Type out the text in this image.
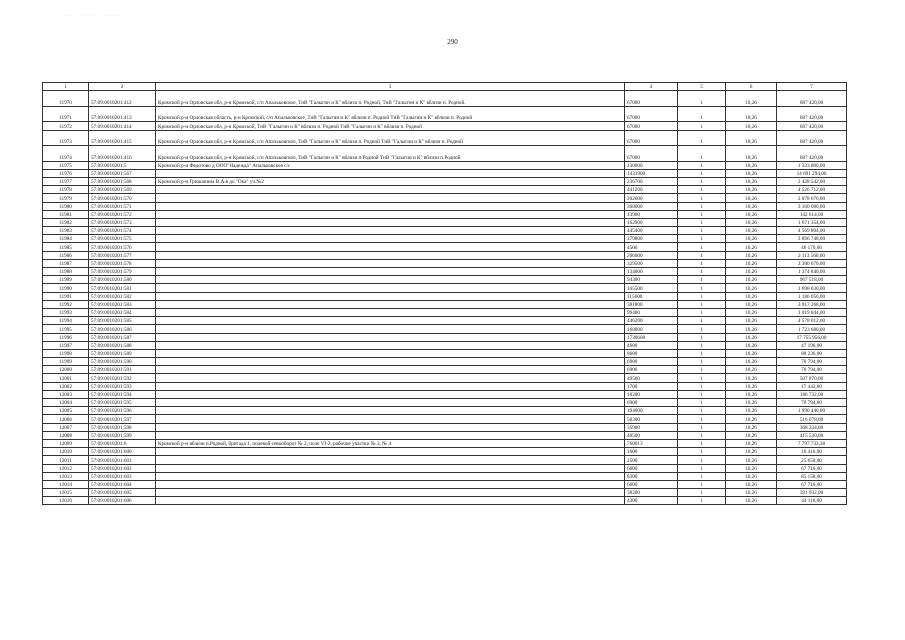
· · · · · · · · · · · · ·
290
1	2	3	4	5	6	7
11970	57:09:0010201:412	Кромской р-н Орловская обл, р-н Кромской, с/п Апальковское, ТнВ "Галыгин и К" вблизи п. Родной, ТнВ "Галыгин и К" вблизи п. Родной.	67000	1	10,26	687 420,00
11971	57:09:0010201:413	Кромской р-н Орловская область, р-н Кромской, с/п Апальковское, ТнВ "Галыгин и К" вблизи п. Родной ТнВ "Галыгин и К" вблизи п. Родной	67000	1	10,26	687 420,00
11972	57:09:0010201:414	Кромской р-н Орловская обл, р-н Кромской, ТнВ "Галыгин и К" вблизи п. Родной ТнВ "Галыгин и К" вблизи п. Родной	67000	1	10,26	687 420,00
11973	57:09:0010201:415	Кромской р-н Орловская обл, р-н Кромской, с/п Апальковское, ТнВ "Галыгин и К" вблизи п. Родной ТнВ "Галыгин и К" вблизи п. Родной	67000	1	10,26	687 420,00
11974	57:09:0010201:416	Кромской р-н Орловская обл, р-н Кромской, с/п Апальковское, ТнВ "Галыгин и К" вблизи п.Родной ТнВ "Галыгин и К" вблизи п.Родной	67000	1	10,26	687 420,00
11975	57:09:0010201:5	Кромской р-н Федотово д ООО"Надежда" Апальковское с/с	130000	1	10,26	1 333 800,00
11976	57:09:0010201:567		1431900	1	10,26	14 691 294,00
11977	57:09:0010201:568	Кромской р-н Гришанина В.А.в до "Ока" уч.№2	236700	1	10,26	2 428 542,00
11978	57:09:0010201:569		441200	1	10,26	4 526 712,00
11979	57:09:0010201:570		202600	1	10,26	2 078 676,00
11980	57:09:0010201:571		308000	1	10,26	3 160 080,00
11981	57:09:0010201:572		13900	1	10,26	142 614,00
11982	57:09:0010201:573		162900	1	10,26	1 671 354,00
11983	57:09:0010201:574		445400	1	10,26	4 569 804,00
11984	57:09:0010201:575		379800	1	10,26	3 896 748,00
11985	57:09:0010201:576		4500	1	10,26	46 170,00
11986	57:09:0010201:577		206000	1	10,26	2 113 560,00
11987	57:09:0010201:578		329500	1	10,26	3 380 670,00
11988	57:09:0010201:579		134000	1	10,26	1 374 840,00
11989	57:09:0010201:580		94300	1	10,26	967 518,00
11990	57:09:0010201:581		165500	1	10,26	1 698 030,00
11991	57:09:0010201:582		115600	1	10,26	1 186 056,00
11992	57:09:0010201:583		381800	1	10,26	3 917 268,00
11993	57:09:0010201:584		99400	1	10,26	1 019 844,00
11994	57:09:0010201:585		446200	1	10,26	4 578 012,00
11995	57:09:0010201:586		168000	1	10,26	1 723 680,00
11996	57:09:0010201:587		1730600	1	10,26	17 755 956,00
11997	57:09:0010201:588		4600	1	10,26	47 196,00
11998	57:09:0010201:589		8600	1	10,26	88 236,00
11999	57:09:0010201:590		6900	1	10,26	70 794,00
12000	57:09:0010201:591		6900	1	10,26	70 794,00
12001	57:09:0010201:592		49500	1	10,26	507 870,00
12002	57:09:0010201:593		1700	1	10,26	17 442,00
12003	57:09:0010201:594		18200	1	10,26	186 732,00
12004	57:09:0010201:595		6900	1	10,26	70 794,00
12005	57:09:0010201:596		194000	1	10,26	1 990 440,00
12006	57:09:0010201:597		50300	1	10,26	516 078,00
12007	57:09:0010201:598		35900	1	10,26	368 334,00
12008	57:09:0010201:599		40500	1	10,26	415 530,00
12009	57:09:0010201:6	Кромской р-н вблизи п.Родной, бригада 1, полевой севооборот № 2, поле VI-2, рабочие участки № 3, № 4	760013	1	10,26	7 797 733,38
12010	57:09:0010201:600		1600	1	10,26	16 416,00
12011	57:09:0010201:601		2500	1	10,26	25 650,00
12012	57:09:0010201:602		6600	1	10,26	67 716,00
12013	57:09:0010201:603		8300	1	10,26	85 158,00
12014	57:09:0010201:604		6600	1	10,26	67 716,00
12015	57:09:0010201:605		38200	1	10,26	391 932,00
12016	57:09:0010201:606		4300	1	10,26	44 118,00
